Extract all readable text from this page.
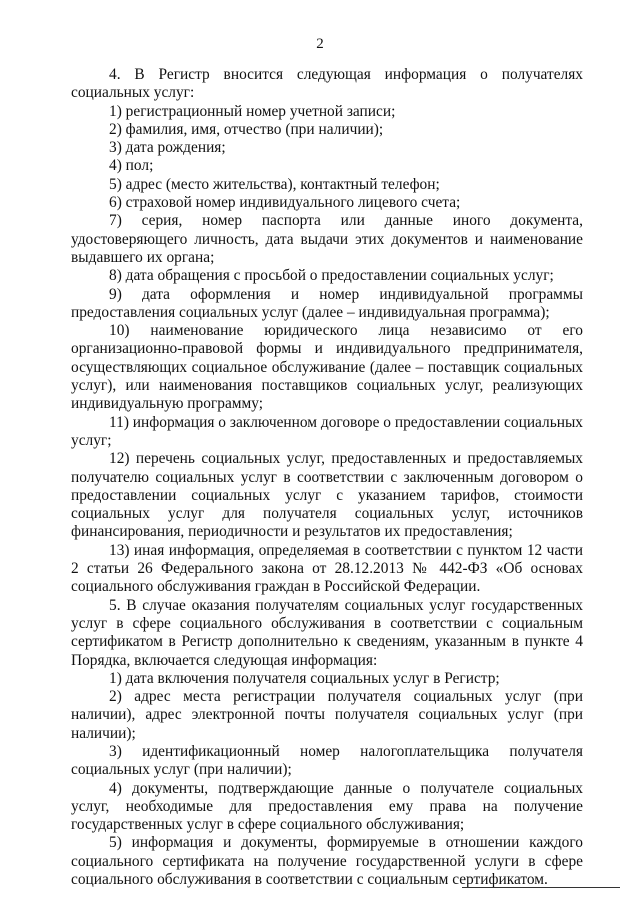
2

4. В Регистр вносится следующая информация о получателях социальных услуг:

1) регистрационный номер учетной записи;

2) фамилия, имя, отчество (при наличии);

3) дата рождения;

4) пол;

5) адрес (место жительства), контактный телефон;

6) страховой номер индивидуального лицевого счета;

7) серия, номер паспорта или данные иного документа, удостоверяющего личность, дата выдачи этих документов и наименование выдавшего их органа;

8) дата обращения с просьбой о предоставлении социальных услуг;

9) дата оформления и номер индивидуальной программы предоставления социальных услуг (далее – индивидуальная программа);

10) наименование юридического лица независимо от его организационно-правовой формы и индивидуального предпринимателя, осуществляющих социальное обслуживание (далее – поставщик социальных услуг), или наименования поставщиков социальных услуг, реализующих индивидуальную программу;

11) информация о заключенном договоре о предоставлении социальных услуг;

12) перечень социальных услуг, предоставленных и предоставляемых получателю социальных услуг в соответствии с заключенным договором о предоставлении социальных услуг с указанием тарифов, стоимости социальных услуг для получателя социальных услуг, источников финансирования, периодичности и результатов их предоставления;

13) иная информация, определяемая в соответствии с пунктом 12 части 2 статьи 26 Федерального закона от 28.12.2013 № 442-ФЗ «Об основах социального обслуживания граждан в Российской Федерации.

5. В случае оказания получателям социальных услуг государственных услуг в сфере социального обслуживания в соответствии с социальным сертификатом в Регистр дополнительно к сведениям, указанным в пункте 4 Порядка, включается следующая информация:

1) дата включения получателя социальных услуг в Регистр;

2) адрес места регистрации получателя социальных услуг (при наличии), адрес электронной почты получателя социальных услуг (при наличии);

3) идентификационный номер налогоплательщика получателя социальных услуг (при наличии);

4) документы, подтверждающие данные о получателе социальных услуг, необходимые для предоставления ему права на получение государственных услуг в сфере социального обслуживания;

5) информация и документы, формируемые в отношении каждого социального сертификата на получение государственной услуги в сфере социального обслуживания в соответствии с социальным сертификатом.
